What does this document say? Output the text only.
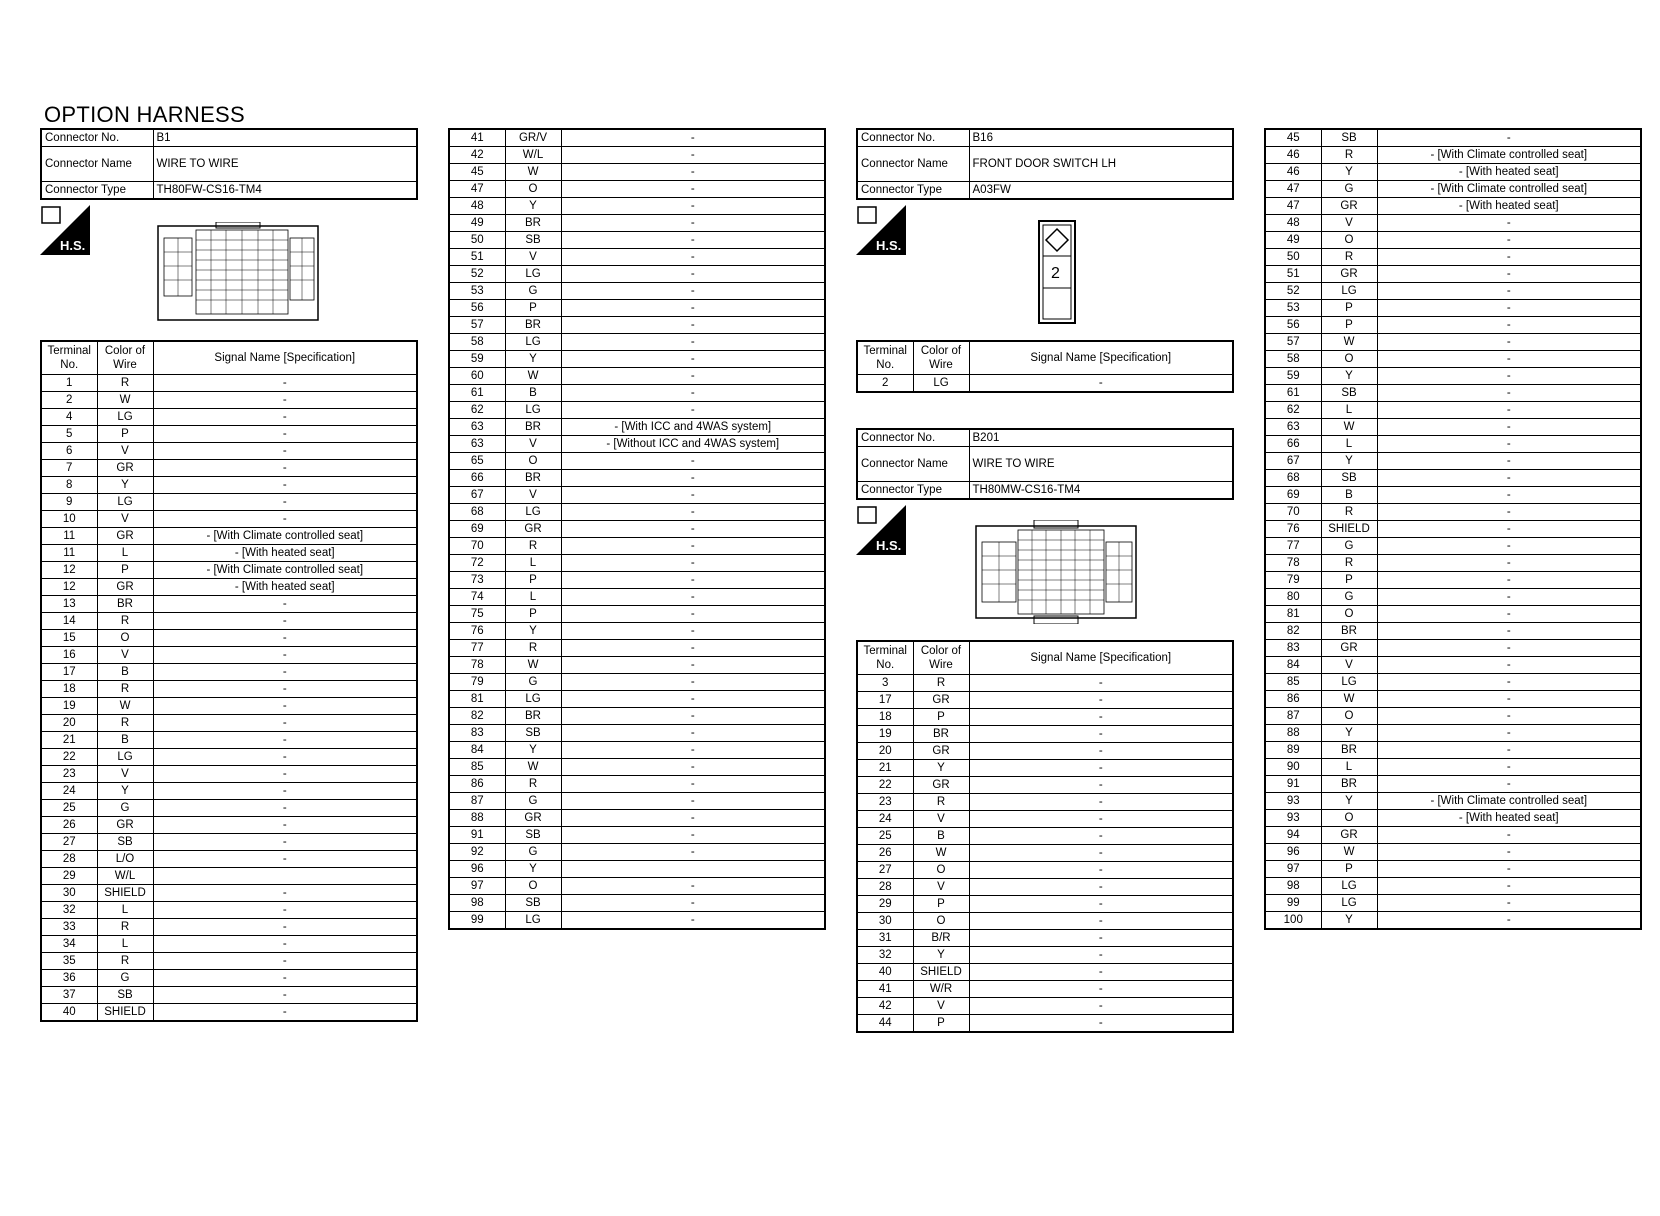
OPTION HARNESS
Connector No.	B1
Connector Name	WIRE TO WIRE
Connector Type	TH80FW-CS16-TM4
H.S.
Terminal No.	Color of Wire	Signal Name [Specification]
1	R	-
2	W	-
4	LG	-
5	P	-
6	V	-
7	GR	-
8	Y	-
9	LG	-
10	V	-
11	GR	- [With Climate controlled seat]
11	L	- [With heated seat]
12	P	- [With Climate controlled seat]
12	GR	- [With heated seat]
13	BR	-
14	R	-
15	O	-
16	V	-
17	B	-
18	R	-
19	W	-
20	R	-
21	B	-
22	LG	-
23	V	-
24	Y	-
25	G	-
26	GR	-
27	SB	-
28	L/O	-
29	W/L	
30	SHIELD	-
32	L	-
33	R	-
34	L	-
35	R	-
36	G	-
37	SB	-
40	SHIELD	-
41	GR/V	-
42	W/L	-
45	W	-
47	O	-
48	Y	-
49	BR	-
50	SB	-
51	V	-
52	LG	-
53	G	-
56	P	-
57	BR	-
58	LG	-
59	Y	-
60	W	-
61	B	-
62	LG	-
63	BR	- [With ICC and 4WAS system]
63	V	- [Without ICC and 4WAS system]
65	O	-
66	BR	-
67	V	-
68	LG	-
69	GR	-
70	R	-
72	L	-
73	P	-
74	L	-
75	P	-
76	Y	-
77	R	-
78	W	-
79	G	-
81	LG	-
82	BR	-
83	SB	-
84	Y	-
85	W	-
86	R	-
87	G	-
88	GR	-
91	SB	-
92	G	-
96	Y	
97	O	-
98	SB	-
99	LG	-
Connector No.	B16
Connector Name	FRONT DOOR SWITCH LH
Connector Type	A03FW
H.S.
2
Terminal No.	Color of Wire	Signal Name [Specification]
2	LG	-
Connector No.	B201
Connector Name	WIRE TO WIRE
Connector Type	TH80MW-CS16-TM4
H.S.
Terminal No.	Color of Wire	Signal Name [Specification]
3	R	-
17	GR	-
18	P	-
19	BR	-
20	GR	-
21	Y	-
22	GR	-
23	R	-
24	V	-
25	B	-
26	W	-
27	O	-
28	V	-
29	P	-
30	O	-
31	B/R	-
32	Y	-
40	SHIELD	-
41	W/R	-
42	V	-
44	P	-
45	SB	-
46	R	- [With Climate controlled seat]
46	Y	- [With heated seat]
47	G	- [With Climate controlled seat]
47	GR	- [With heated seat]
48	V	-
49	O	-
50	R	-
51	GR	-
52	LG	-
53	P	-
56	P	-
57	W	-
58	O	-
59	Y	-
61	SB	-
62	L	-
63	W	-
66	L	-
67	Y	-
68	SB	-
69	B	-
70	R	-
76	SHIELD	-
77	G	-
78	R	-
79	P	-
80	G	-
81	O	-
82	BR	-
83	GR	-
84	V	-
85	LG	-
86	W	-
87	O	-
88	Y	-
89	BR	-
90	L	-
91	BR	-
93	Y	- [With Climate controlled seat]
93	O	- [With heated seat]
94	GR	-
96	W	-
97	P	-
98	LG	-
99	LG	-
100	Y	-
